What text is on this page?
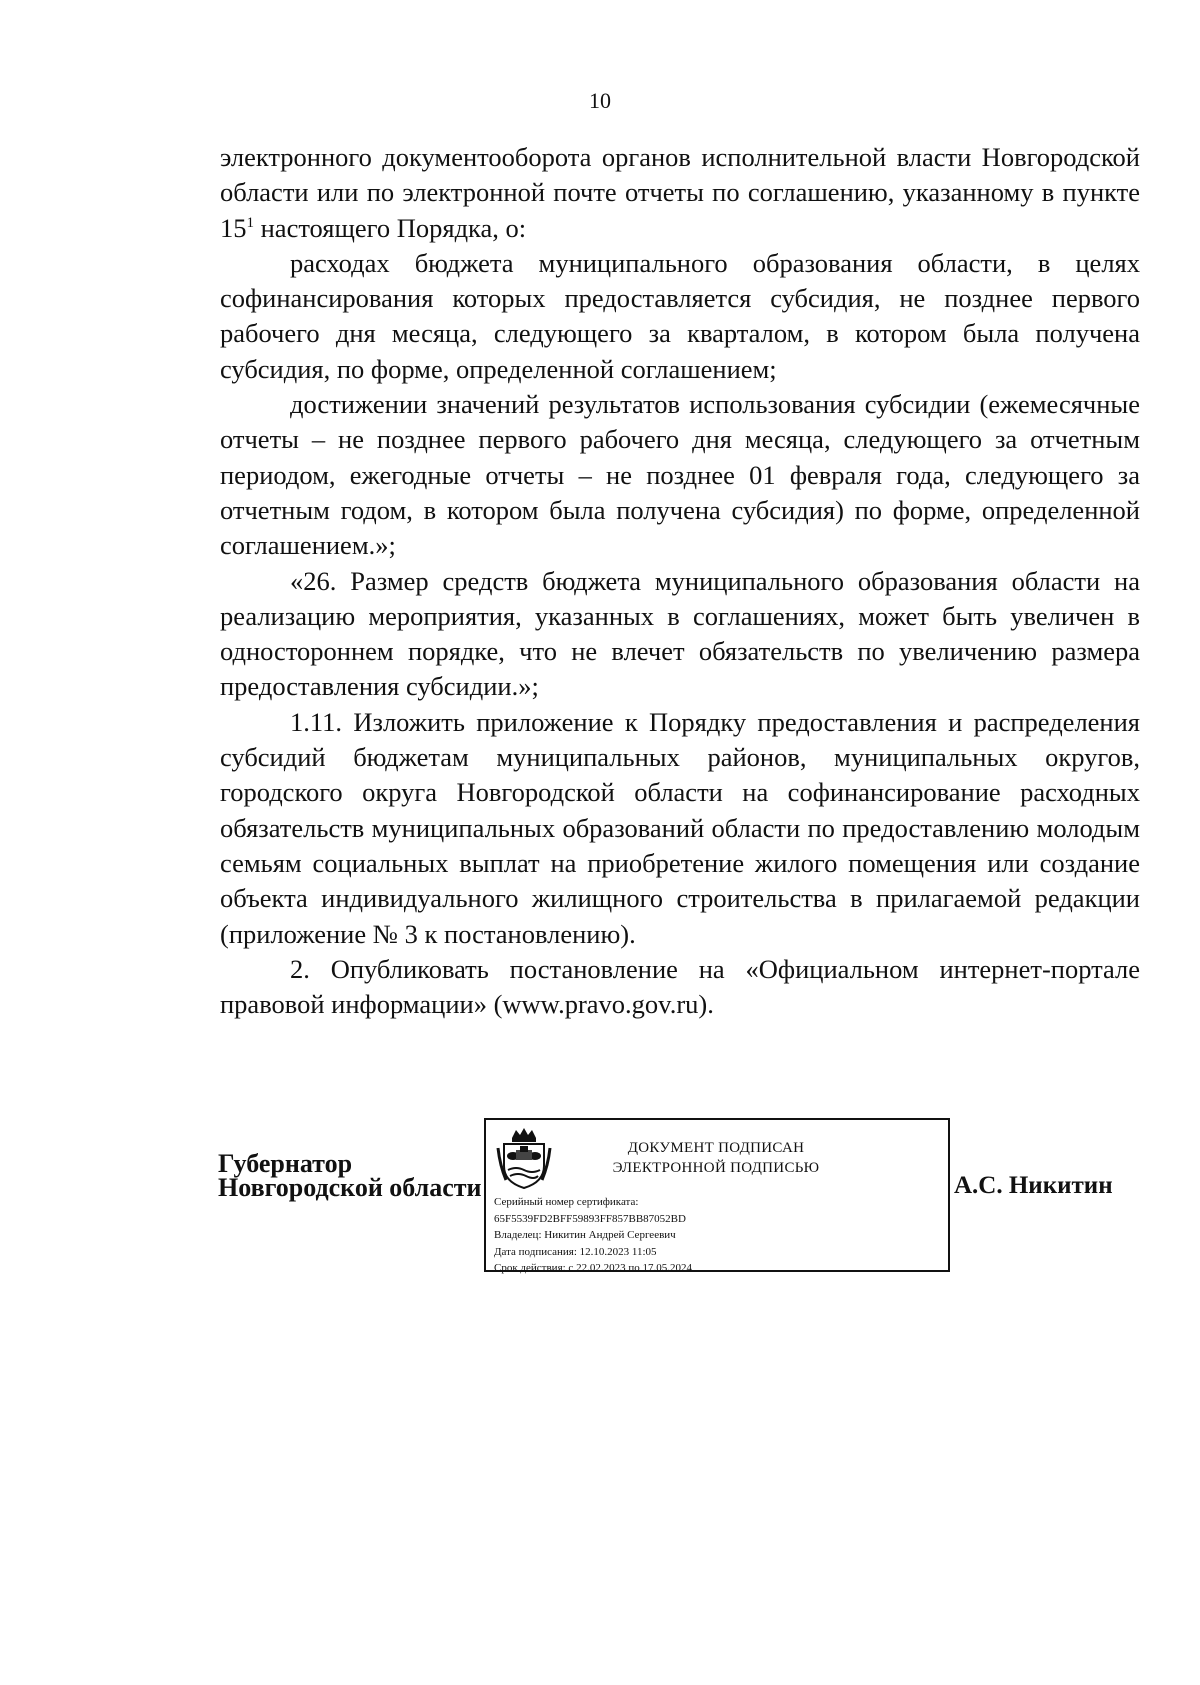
10

электронного документооборота органов исполнительной власти Новгородской области или по электронной почте отчеты по соглашению, указанному в пункте $15^1$ настоящего Порядка, о:

расходах бюджета муниципального образования области, в целях софинансирования которых предоставляется субсидия, не позднее первого рабочего дня месяца, следующего за кварталом, в котором была получена субсидия, по форме, определенной соглашением;

достижении значений результатов использования субсидии (ежемесячные отчеты – не позднее первого рабочего дня месяца, следующего за отчетным периодом, ежегодные отчеты – не позднее 01 февраля года, следующего за отчетным годом, в котором была получена субсидия) по форме, определенной соглашением.»;

«26. Размер средств бюджета муниципального образования области на реализацию мероприятия, указанных в соглашениях, может быть увеличен в одностороннем порядке, что не влечет обязательств по увеличению размера предоставления субсидии.»;

1.11. Изложить приложение к Порядку предоставления и распределения субсидий бюджетам муниципальных районов, муниципальных округов, городского округа Новгородской области на софинансирование расходных обязательств муниципальных образований области по предоставлению молодым семьям социальных выплат на приобретение жилого помещения или создание объекта индивидуального жилищного строительства в прилагаемой редакции (приложение № 3 к постановлению).

2. Опубликовать постановление на «Официальном интернет-портале правовой информации» (www.pravo.gov.ru).

Губернатор
Новгородской области
ДОКУМЕНТ ПОДПИСАН
ЭЛЕКТРОННОЙ ПОДПИСЬЮ
Серийный номер сертификата:
65F5539FD2BFF59893FF857BB87052BD
Владелец: Никитин Андрей Сергеевич
Дата подписания: 12.10.2023 11:05
Срок действия: с 22.02.2023 по 17.05.2024
А.С. Никитин
